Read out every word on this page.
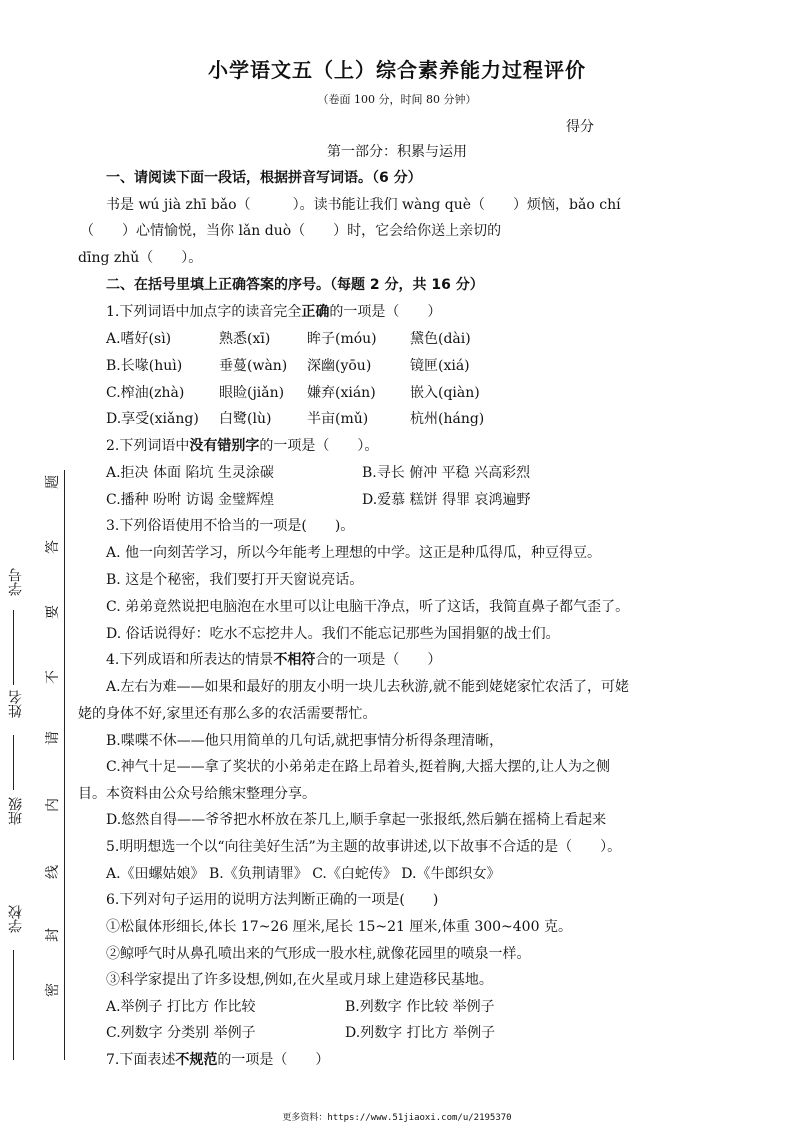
小学语文五（上）综合素养能力过程评价
（卷面 100 分，时间 80 分钟）
得分
第一部分：积累与运用
一、请阅读下面一段话，根据拼音写词语。（6 分）
书是 wú jià zhī bǎo（　　　）。读书能让我们 wàng què（　　）烦恼，bǎo chí
（　　）心情愉悦，当你 lǎn duò（　　）时，它会给你送上亲切的
dīng zhǔ（　　）。
二、在括号里填上正确答案的序号。（每题 2 分，共 16 分）
1.下列词语中加点字的读音完全正确的一项是（　　）
A.嗜好(sì)	熟悉(xī)	眸子(móu) 黛色(dài)
B.长喙(huì)	垂蔓(wàn) 深幽(yōu)	镜匣(xiá)
C.榨油(zhà) 眼睑(jiǎn) 嫌弃(xián) 嵌入(qiàn)
D.享受(xiǎng) 白鹭(lù)	半亩(mǔ)	杭州(háng)
2.下列词语中没有错别字的一项是（　　）。
A.拒决 体面 陷坑 生灵涂碳	B.寻长 俯冲 平稳 兴高彩烈
C.播种 吩咐 访谒 金璧辉煌	D.爱慕 糕饼 得罪 哀鸿遍野
3.下列俗语使用不恰当的一项是(　　)。
A. 他一向刻苦学习，所以今年能考上理想的中学。这正是种瓜得瓜，种豆得豆。
B. 这是个秘密，我们要打开天窗说亮话。
C. 弟弟竟然说把电脑泡在水里可以让电脑干净点，听了这话，我简直鼻子都气歪了。
D. 俗话说得好：吃水不忘挖井人。我们不能忘记那些为国捐躯的战士们。
4.下列成语和所表达的情景不相符合的一项是（　　）
A.左右为难——如果和最好的朋友小明一块儿去秋游,就不能到姥姥家忙农活了，可姥
姥的身体不好,家里还有那么多的农活需要帮忙。
B.喋喋不休——他只用简单的几句话,就把事情分析得条理清晰，
C.神气十足——拿了奖状的小弟弟走在路上昂着头,挺着胸,大摇大摆的,让人为之侧
目。本资料由公众号给熊宋整理分享。
D.悠然自得——爷爷把水杯放在茶几上,顺手拿起一张报纸,然后躺在摇椅上看起来
5.明明想选一个以“向往美好生活”为主题的故事讲述,以下故事不合适的是（　　）。
A.《田螺姑娘》 B.《负荆请罪》 C.《白蛇传》 D.《牛郎织女》
6.下列对句子运用的说明方法判断正确的一项是(　　)
①松鼠体形细长,体长 17~26 厘米,尾长 15~21 厘米,体重 300~400 克。
②鲸呼气时从鼻孔喷出来的气形成一股水柱,就像花园里的喷泉一样。
③科学家提出了许多设想,例如,在火星或月球上建造移民基地。
A.举例子 打比方 作比较	B.列数字 作比较 举例子
C.列数字 分类别 举例子	D.列数字 打比方 举例子
7.下面表述不规范的一项是（　　）
学校
班级
姓名
学号
密
封
线
内
请
不
要
答
题
更多资料：https://www.51jiaoxi.com/u/2195370
